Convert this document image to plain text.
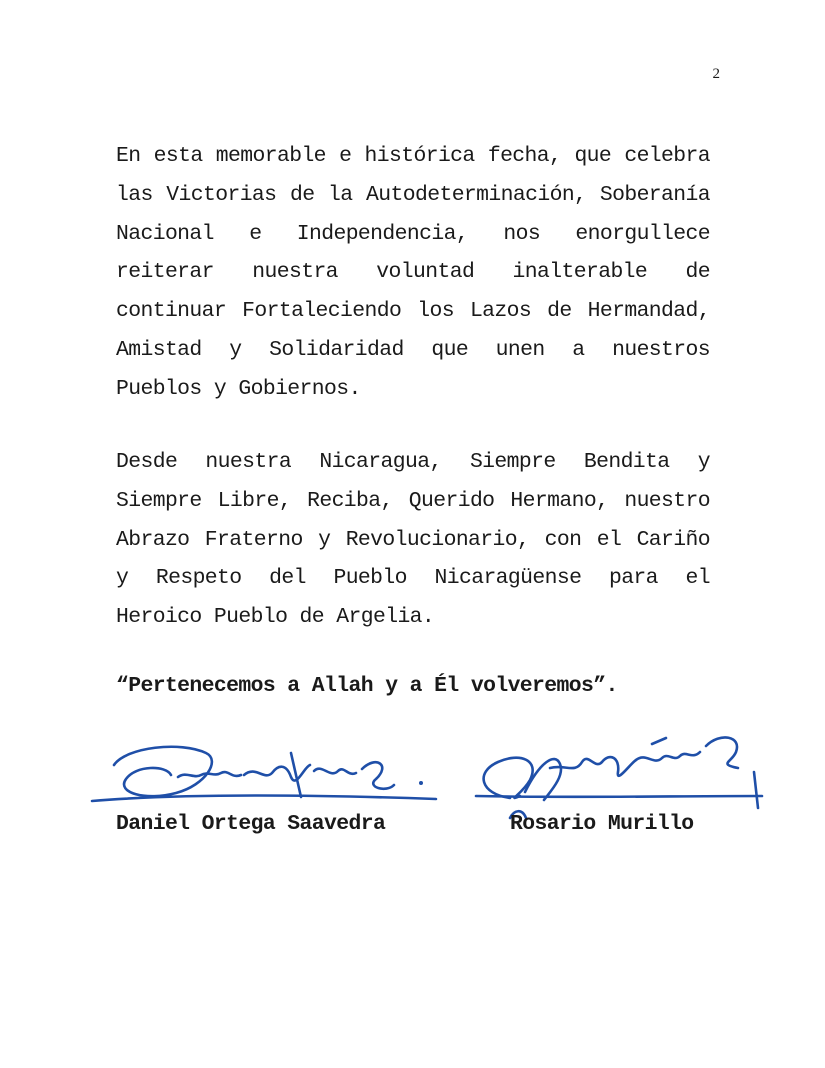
2

En esta memorable e histórica fecha, que celebra las Victorias de la Autodeterminación, Soberanía Nacional e Independencia, nos enorgullece reiterar nuestra voluntad inalterable de continuar Fortaleciendo los Lazos de Hermandad, Amistad y Solidaridad que unen a nuestros Pueblos y Gobiernos.

Desde nuestra Nicaragua, Siempre Bendita y Siempre Libre, Reciba, Querido Hermano, nuestro Abrazo Fraterno y Revolucionario, con el Cariño y Respeto del Pueblo Nicaragüense para el Heroico Pueblo de Argelia.

“Pertenecemos a Allah y a Él volveremos”.

Daniel Ortega Saavedra	Rosario Murillo
